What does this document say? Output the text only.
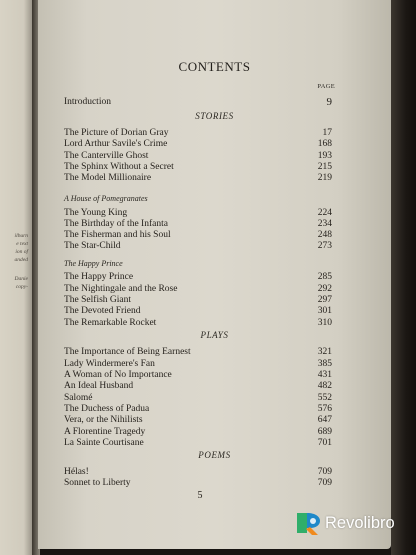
ilburn
e text
ion of
anded
Danie
copy-
CONTENTS
PAGE
Introduction	9
STORIES
The Picture of Dorian Gray	17
Lord Arthur Savile's Crime	168
The Canterville Ghost	193
The Sphinx Without a Secret	215
The Model Millionaire	219
A House of Pomegranates
The Young King	224
The Birthday of the Infanta	234
The Fisherman and his Soul	248
The Star-Child	273
The Happy Prince
The Happy Prince	285
The Nightingale and the Rose	292
The Selfish Giant	297
The Devoted Friend	301
The Remarkable Rocket	310
PLAYS
The Importance of Being Earnest	321
Lady Windermere's Fan	385
A Woman of No Importance	431
An Ideal Husband	482
Salomé	552
The Duchess of Padua	576
Vera, or the Nihilists	647
A Florentine Tragedy	689
La Sainte Courtisane	701
POEMS
Hélas!	709
Sonnet to Liberty	709
5
Revolibro
